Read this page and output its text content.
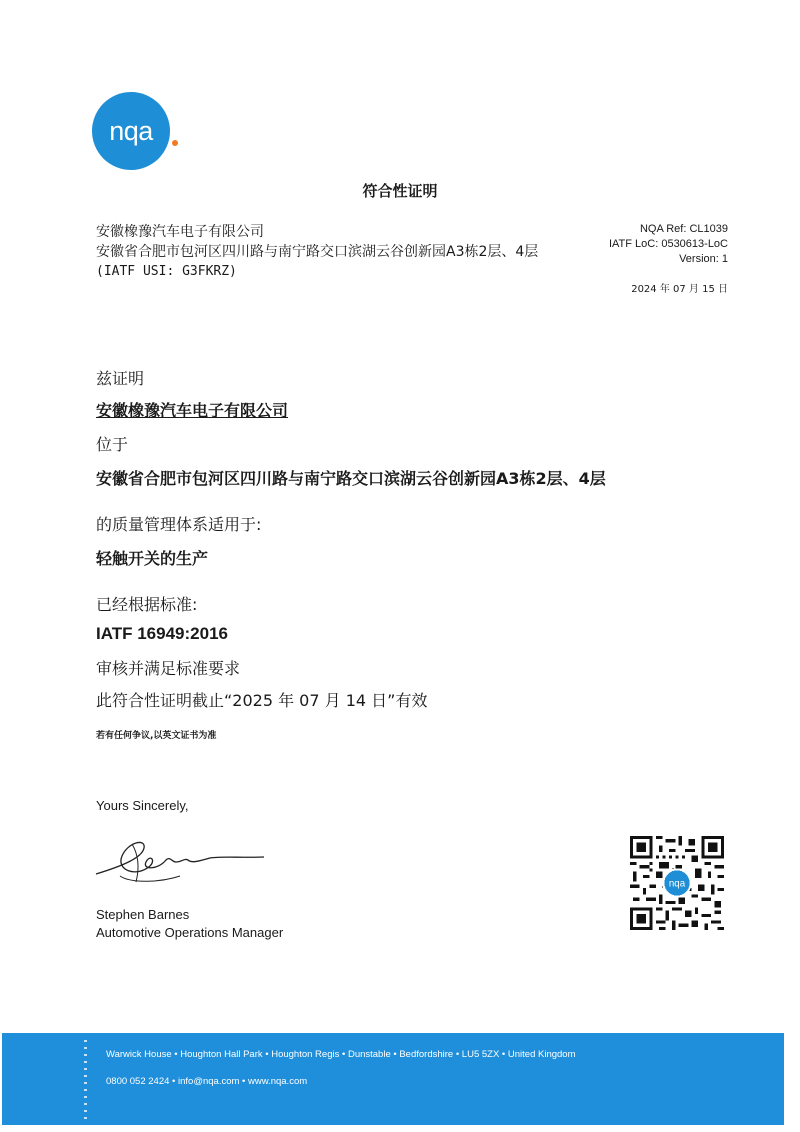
nqa
符合性证明
安徽橡豫汽车电子有限公司
安徽省合肥市包河区四川路与南宁路交口滨湖云谷创新园A3栋2层、4层
(IATF USI: G3FKRZ)
NQA Ref: CL1039
IATF LoC: 0530613-LoC
Version: 1
2024 年 07 月 15 日
兹证明
安徽橡豫汽车电子有限公司
位于
安徽省合肥市包河区四川路与南宁路交口滨湖云谷创新园A3栋2层、4层
的质量管理体系适用于:
轻触开关的生产
已经根据标准:
IATF 16949:2016
审核并满足标准要求
此符合性证明截止“2025 年 07 月 14 日”有效
若有任何争议,以英文证书为准
Yours Sincerely,
Stephen Barnes
Automotive Operations Manager
nqa
Warwick House • Houghton Hall Park • Houghton Regis • Dunstable • Bedfordshire • LU5 5ZX • United Kingdom
0800 052 2424 • info@nqa.com • www.nqa.com
